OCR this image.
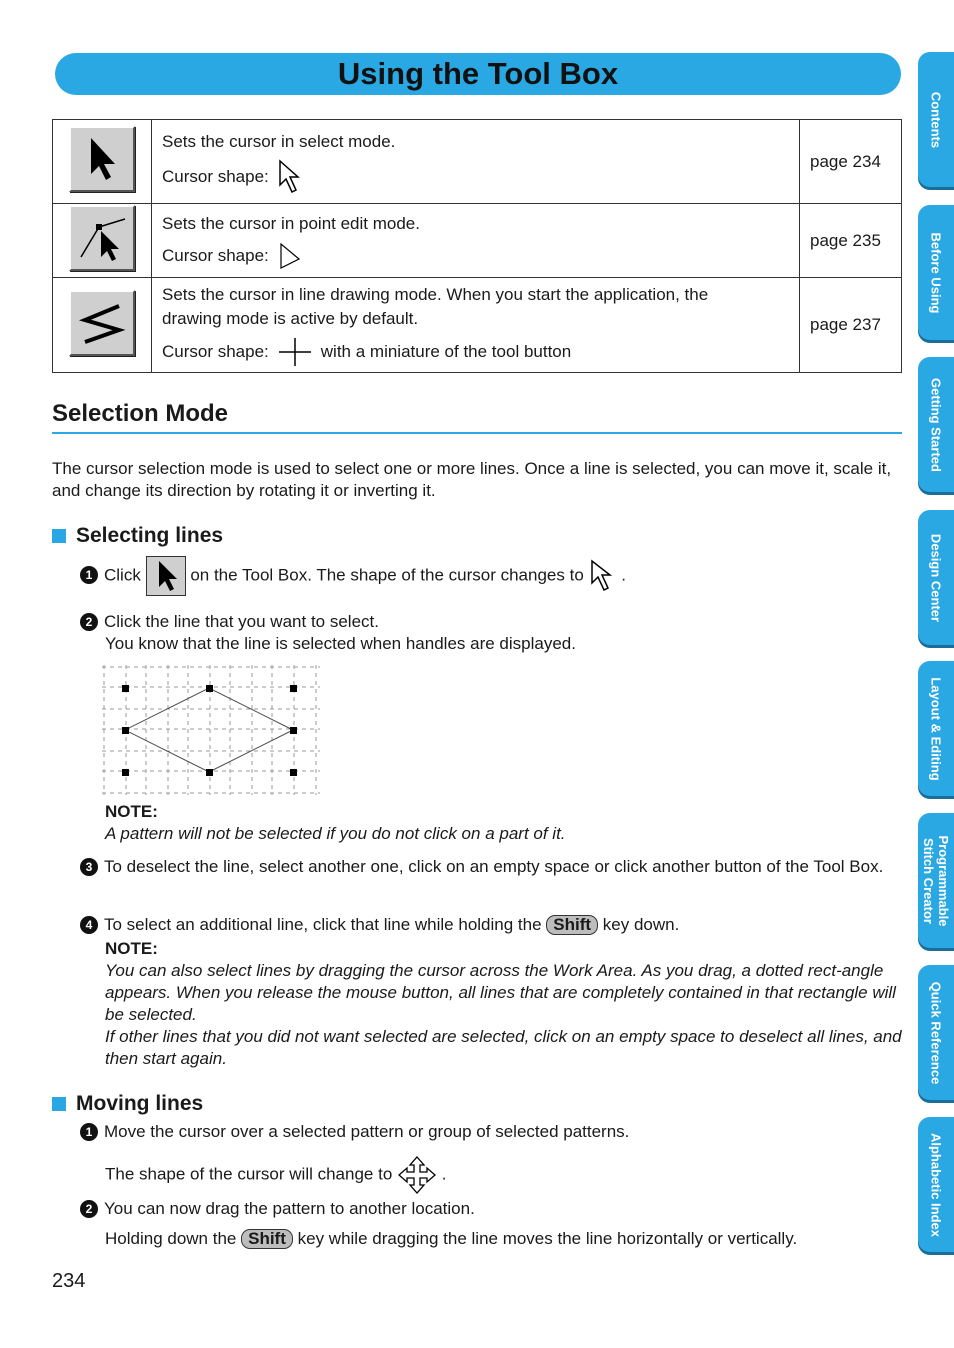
Using the Tool Box

Sets the cursor in select mode.
Cursor shape:	page 234

Sets the cursor in point edit mode.
Cursor shape:	page 235

Sets the cursor in line drawing mode. When you start the application, the
drawing mode is active by default.
Cursor shape: with a miniature of the tool button	page 237
Selection Mode

The cursor selection mode is used to select one or more lines. Once a line is selected, you can move it, scale it, and change its direction by rotating it or inverting it.

Selecting lines
1 Click	on the Tool Box. The shape of the cursor changes to .
2 Click the line that you want to select.
You know that the line is selected when handles are displayed.
NOTE:
A pattern will not be selected if you do not click on a part of it.
3 To deselect the line, select another one, click on an empty space or click another button of the Tool Box.
4 To select an additional line, click that line while holding the Shift key down.
NOTE:
You can also select lines by dragging the cursor across the Work Area. As you drag, a dotted rect-angle appears. When you release the mouse button, all lines that are completely contained in that rectangle will be selected.
If other lines that you did not want selected are selected, click on an empty space to deselect all lines, and then start again.
Moving lines
1 Move the cursor over a selected pattern or group of selected patterns.
The shape of the cursor will change to	.
2 You can now drag the pattern to another location.
Holding down the Shift key while dragging the line moves the line horizontally or vertically.
234
Contents
Before Using
Getting Started
Design Center
Layout & Editing
Programmable Stitch Creator
Quick Reference
Alphabetic Index
